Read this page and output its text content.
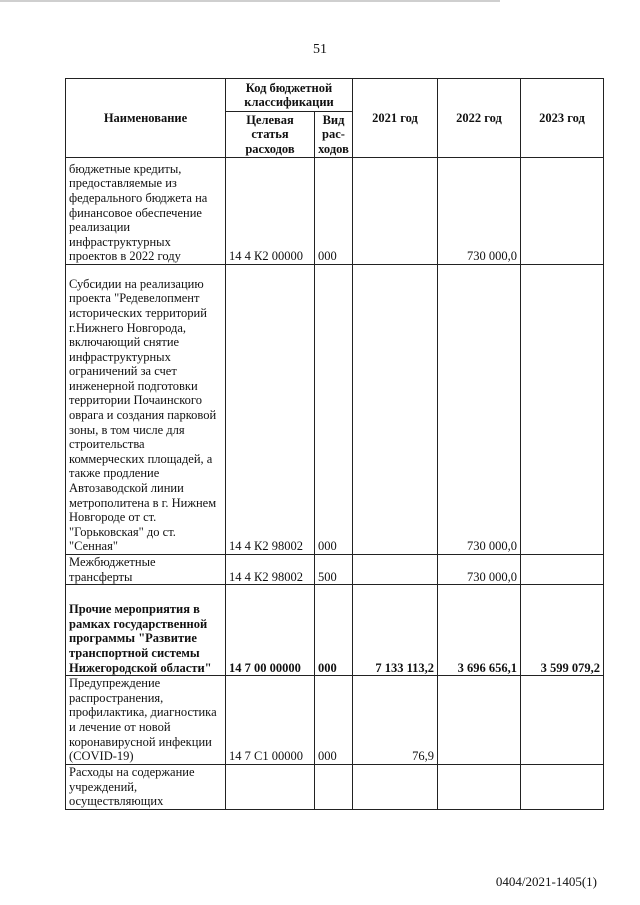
51
Наименование	Код бюджетной классификации		2021 год	2022 год	2023 год
	Целевая статья расходов	Вид рас- ходов			
бюджетные кредиты, предоставляемые из федерального бюджета на финансовое обеспечение реализации инфраструктурных проектов в 2022 году	14 4 К2 00000	000		730 000,0	
Субсидии на реализацию проекта "Редевелопмент исторических территорий г.Нижнего Новгорода, включающий снятие инфраструктурных ограничений за счет инженерной подготовки территории Почаинского оврага и создания парковой зоны, в том числе для строительства коммерческих площадей, а также продление Автозаводской линии метрополитена в г. Нижнем Новгороде от ст. "Горьковская" до ст. "Сенная"	14 4 К2 98002	000		730 000,0	
Межбюджетные трансферты	14 4 К2 98002	500		730 000,0	
Прочие мероприятия в рамках государственной программы "Развитие транспортной системы Нижегородской области"	14 7 00 00000	000	7 133 113,2	3 696 656,1	3 599 079,2
Предупреждение распространения, профилактика, диагностика и лечение от новой коронавирусной инфекции (COVID-19)	14 7 С1 00000	000	76,9		
Расходы на содержание учреждений, осуществляющих					
0404/2021-1405(1)
